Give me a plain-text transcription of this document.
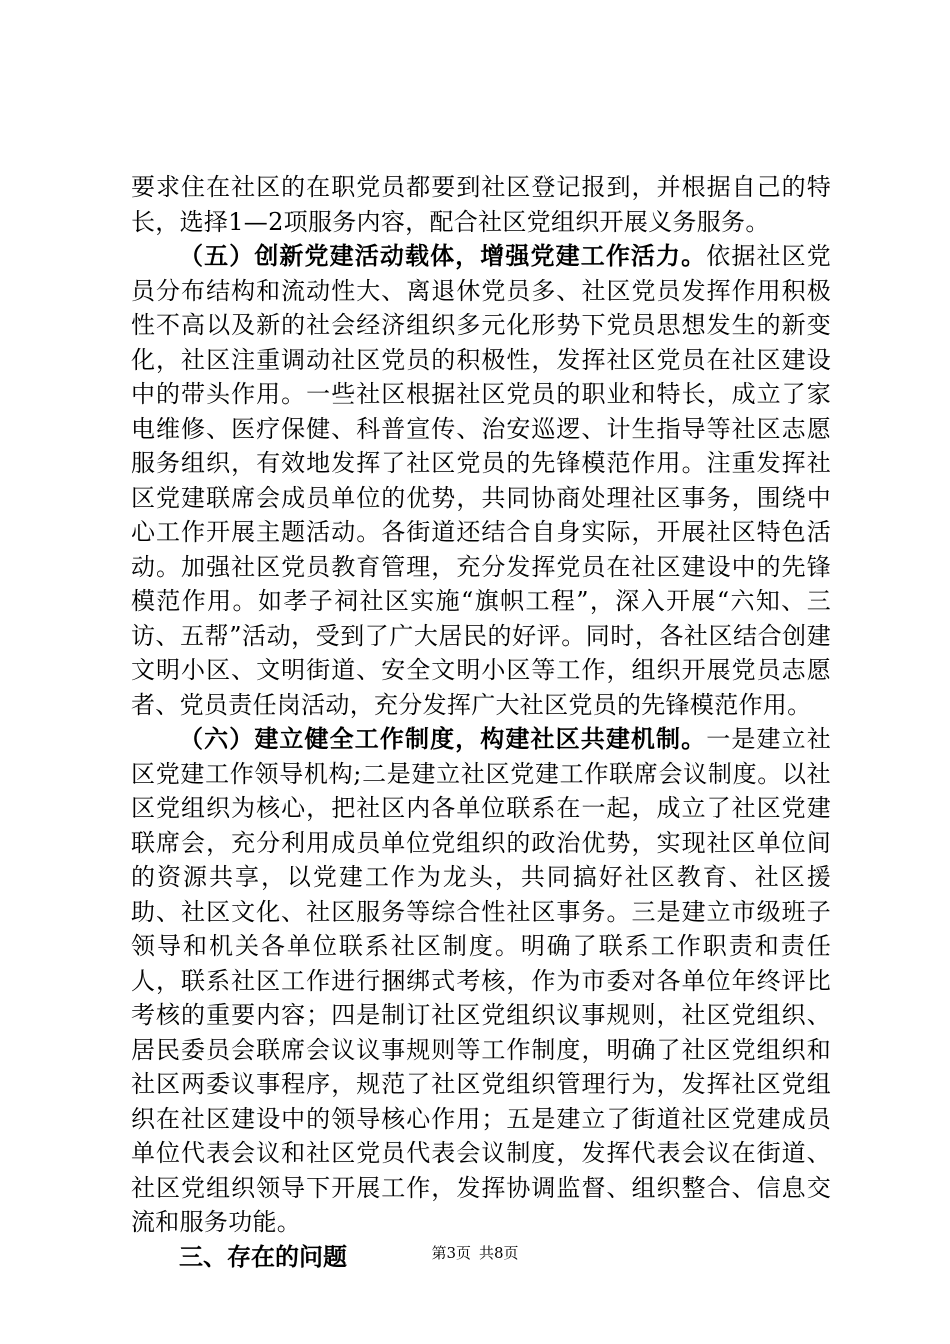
要求住在社区的在职党员都要到社区登记报到，并根据自己的特长，选择1—2项服务内容，配合社区党组织开展义务服务。

（五）创新党建活动载体，增强党建工作活力。依据社区党员分布结构和流动性大、离退休党员多、社区党员发挥作用积极性不高以及新的社会经济组织多元化形势下党员思想发生的新变化，社区注重调动社区党员的积极性，发挥社区党员在社区建设中的带头作用。一些社区根据社区党员的职业和特长，成立了家电维修、医疗保健、科普宣传、治安巡逻、计生指导等社区志愿服务组织，有效地发挥了社区党员的先锋模范作用。注重发挥社区党建联席会成员单位的优势，共同协商处理社区事务，围绕中心工作开展主题活动。各街道还结合自身实际，开展社区特色活动。加强社区党员教育管理，充分发挥党员在社区建设中的先锋模范作用。如孝子祠社区实施“旗帜工程”，深入开展“六知、三访、五帮”活动，受到了广大居民的好评。同时，各社区结合创建文明小区、文明街道、安全文明小区等工作，组织开展党员志愿者、党员责任岗活动，充分发挥广大社区党员的先锋模范作用。

（六）建立健全工作制度，构建社区共建机制。一是建立社区党建工作领导机构;二是建立社区党建工作联席会议制度。以社区党组织为核心，把社区内各单位联系在一起，成立了社区党建联席会，充分利用成员单位党组织的政治优势，实现社区单位间的资源共享，以党建工作为龙头，共同搞好社区教育、社区援助、社区文化、社区服务等综合性社区事务。三是建立市级班子领导和机关各单位联系社区制度。明确了联系工作职责和责任人，联系社区工作进行捆绑式考核，作为市委对各单位年终评比考核的重要内容；四是制订社区党组织议事规则，社区党组织、居民委员会联席会议议事规则等工作制度，明确了社区党组织和社区两委议事程序，规范了社区党组织管理行为，发挥社区党组织在社区建设中的领导核心作用；五是建立了街道社区党建成员单位代表会议和社区党员代表会议制度，发挥代表会议在街道、社区党组织领导下开展工作，发挥协调监督、组织整合、信息交流和服务功能。

三、存在的问题	第3页 共8页
